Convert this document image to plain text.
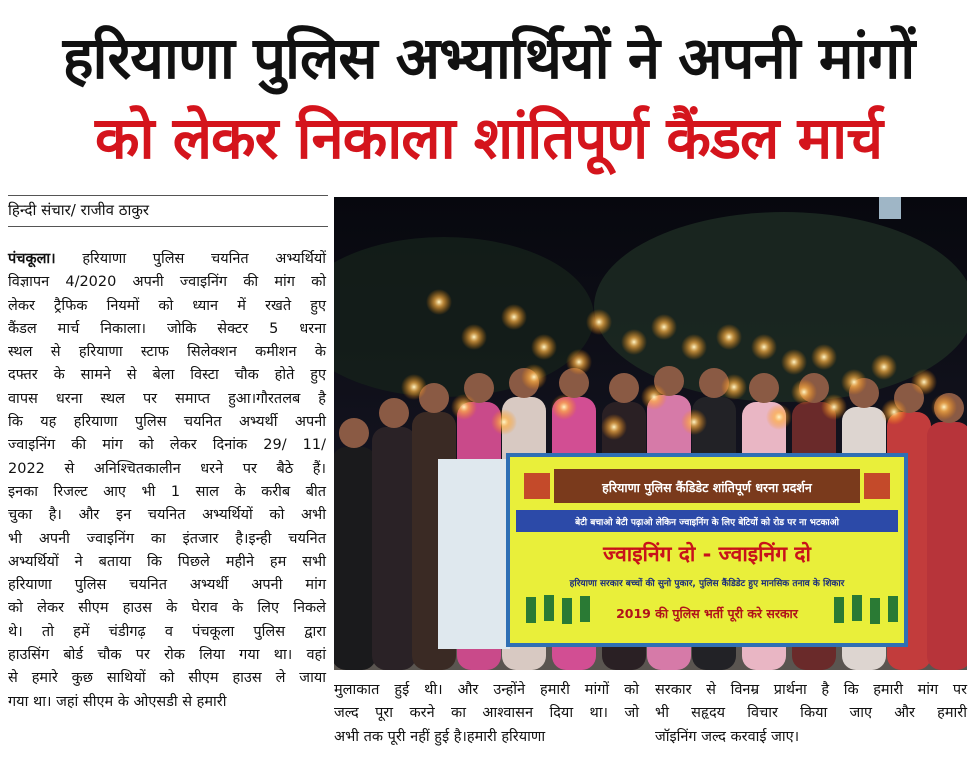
हरियाणा पुलिस अभ्यार्थियों ने अपनी मांगों
को लेकर निकाला शांतिपूर्ण कैंडल मार्च
हिन्दी संचार/ राजीव ठाकुर
पंचकूला। हरियाणा पुलिस चयनित अभ्यर्थियों
विज्ञापन 4/2020 अपनी ज्वाइनिंग की मांग को
लेकर ट्रैफिक नियमों को ध्यान में रखते हुए
कैंडल मार्च निकाला। जोकि सेक्टर 5 धरना
स्थल से हरियाणा स्टाफ सिलेक्शन कमीशन के
दफ्तर के सामने से बेला विस्टा चौक होते हुए
वापस धरना स्थल पर समाप्त हुआ।गौरतलब है
कि यह हरियाणा पुलिस चयनित अभ्यर्थी अपनी
ज्वाइनिंग की मांग को लेकर दिनांक 29/ 11/
2022 से अनिश्चितकालीन धरने पर बैठे हैं।
इनका रिजल्ट आए भी 1 साल के करीब बीत
चुका है। और इन चयनित अभ्यर्थियों को अभी
भी अपनी ज्वाइनिंग का इंतजार है।इन्ही चयनित
अभ्यर्थियों ने बताया कि पिछले महीने हम सभी
हरियाणा पुलिस चयनित अभ्यर्थी अपनी मांग
को लेकर सीएम हाउस के घेराव के लिए निकले
थे। तो हमें चंडीगढ़ व पंचकूला पुलिस द्वारा
हाउसिंग बोर्ड चौक पर रोक लिया गया था। वहां
से हमारे कुछ साथियों को सीएम हाउस ले जाया
गया था। जहां सीएम के ओएसडी से हमारी
हरियाणा पुलिस कैंडिडेट शांतिपूर्ण धरना प्रदर्शन
बेटी बचाओ बेटी पढ़ाओ लेकिन ज्वाइनिंग के लिए बेटियों को रोड पर ना भटकाओ
ज्वाइनिंग दो - ज्वाइनिंग दो
हरियाणा सरकार बच्चों की सुनो पुकार, पुलिस कैंडिडेट हुए मानसिक तनाव के शिकार
2019 की पुलिस भर्ती पूरी करे सरकार
मुलाकात हुई थी। और उन्होंने हमारी मांगों को
जल्द पूरा करने का आश्वासन दिया था। जो
अभी तक पूरी नहीं हुई है।हमारी हरियाणा
सरकार से विनम्र प्रार्थना है कि हमारी मांग पर
भी सहृदय विचार किया जाए और हमारी
जॉइनिंग जल्द करवाई जाए।
